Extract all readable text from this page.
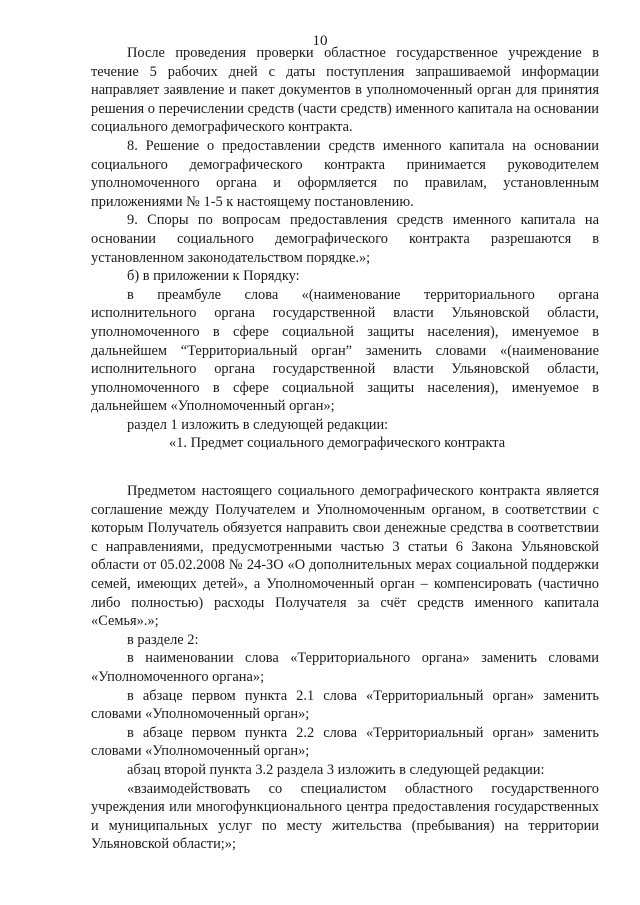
10

После проведения проверки областное государственное учреждение в течение 5 рабочих дней с даты поступления запрашиваемой информации направляет заявление и пакет документов в уполномоченный орган для принятия решения о перечислении средств (части средств) именного капитала на основании социального демографического контракта.

8. Решение о предоставлении средств именного капитала на основании социального демографического контракта принимается руководителем уполномоченного органа и оформляется по правилам, установленным приложениями № 1-5 к настоящему постановлению.

9. Споры по вопросам предоставления средств именного капитала на основании социального демографического контракта разрешаются в установленном законодательством порядке.»;

б) в приложении к Порядку:

в преамбуле слова «(наименование территориального органа исполнительного органа государственной власти Ульяновской области, уполномоченного в сфере социальной защиты населения), именуемое в дальнейшем “Территориальный орган” заменить словами «(наименование исполнительного органа государственной власти Ульяновской области, уполномоченного в сфере социальной защиты населения), именуемое в дальнейшем «Уполномоченный орган»;

раздел 1 изложить в следующей редакции:

«1. Предмет социального демографического контракта

Предметом настоящего социального демографического контракта является соглашение между Получателем и Уполномоченным органом, в соответствии с которым Получатель обязуется направить свои денежные средства в соответствии с направлениями, предусмотренными частью 3 статьи 6 Закона Ульяновской области от 05.02.2008 № 24-ЗО «О дополнительных мерах социальной поддержки семей, имеющих детей», а Уполномоченный орган – компенсировать (частично либо полностью) расходы Получателя за счёт средств именного капитала «Семья».»;

в разделе 2:

в наименовании слова «Территориального органа» заменить словами «Уполномоченного органа»;

в абзаце первом пункта 2.1 слова «Территориальный орган» заменить словами «Уполномоченный орган»;

в абзаце первом пункта 2.2 слова «Территориальный орган» заменить словами «Уполномоченный орган»;

абзац второй пункта 3.2 раздела 3 изложить в следующей редакции:

«взаимодействовать со специалистом областного государственного учреждения или многофункционального центра предоставления государственных и муниципальных услуг по месту жительства (пребывания) на территории Ульяновской области;»;
